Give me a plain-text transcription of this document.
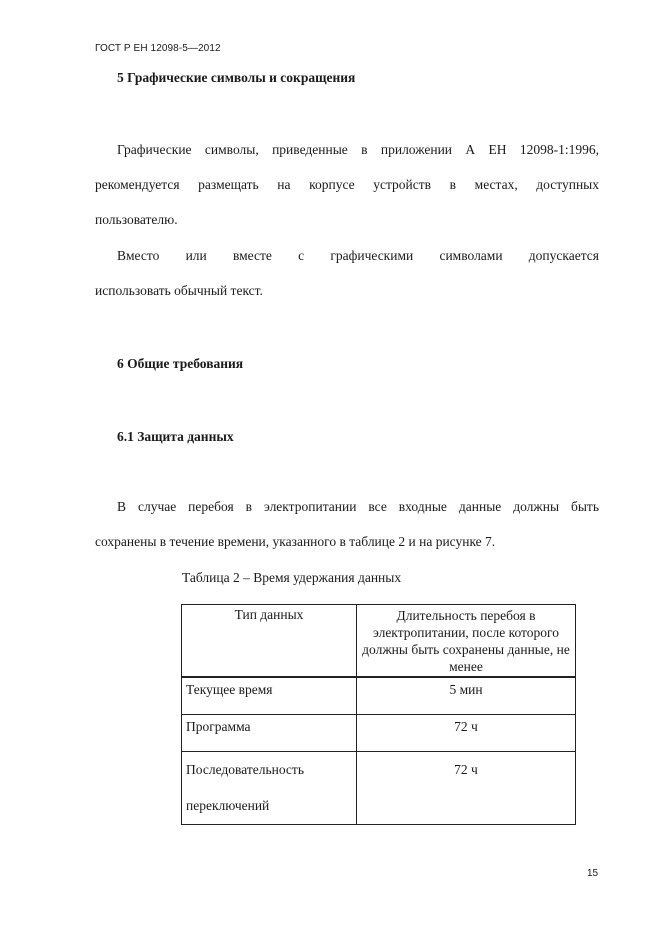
ГОСТ Р ЕН 12098-5—2012
5 Графические символы и сокращения

Графические символы, приведенные в приложении А ЕН 12098-1:1996,
рекомендуется размещать на корпусе устройств в местах, доступных
пользователю.

Вместо или вместе с графическими символами допускается
использовать обычный текст.

6 Общие требования
6.1 Защита данных

В случае перебоя в электропитании все входные данные должны быть
сохранены в течение времени, указанного в таблице 2 и на рисунке 7.

Таблица 2 – Время удержания данных
Тип данных	Длительность перебоя в электропитании, после которого должны быть сохранены данные, не менее
Текущее время	5 мин
Программа	72 ч
Последовательность переключений	72 ч
15
